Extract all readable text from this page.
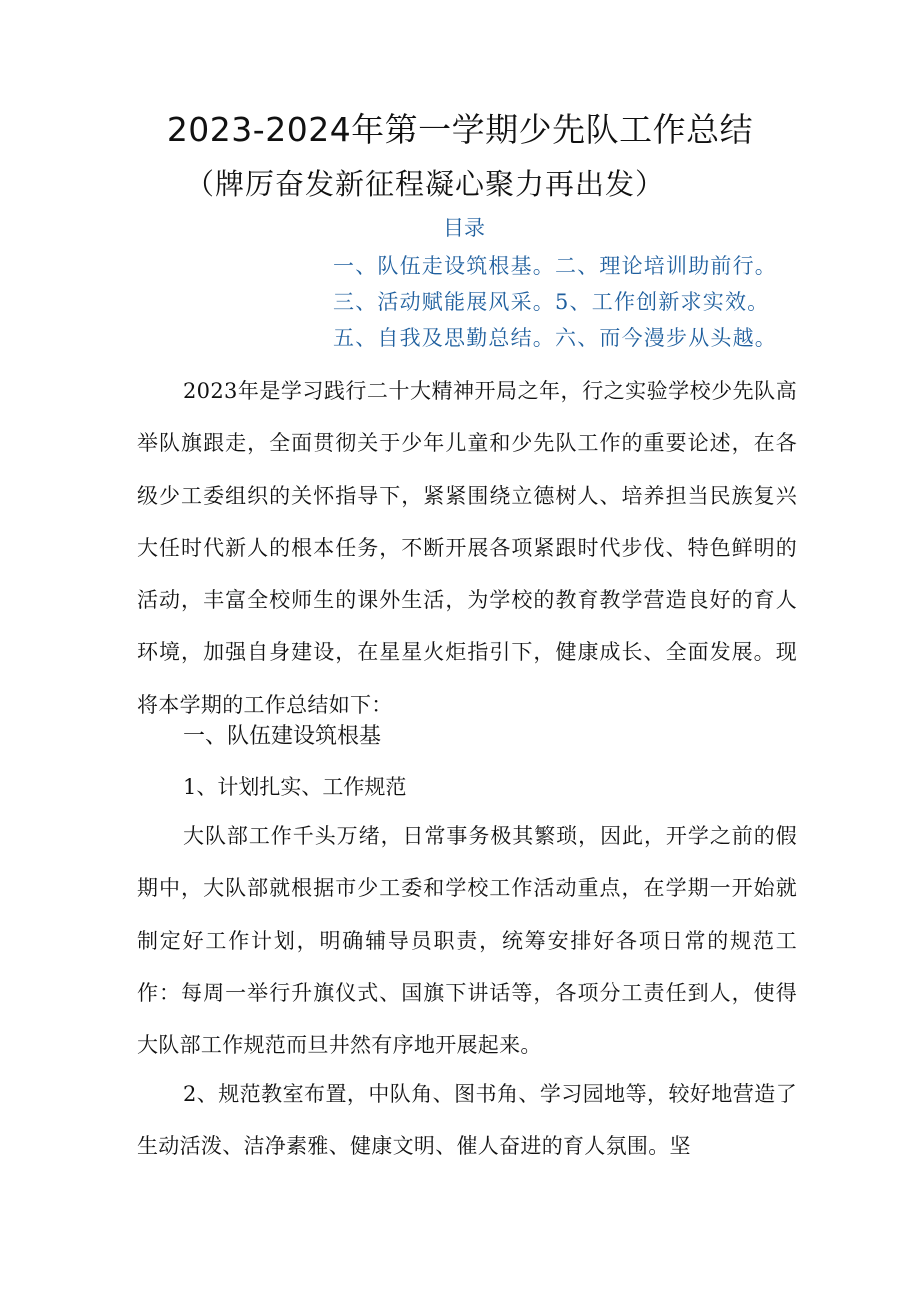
2023-2024年第一学期少先队工作总结
（牌厉奋发新征程凝心聚力再出发）
目录
一、队伍走设筑根基。二、理论培训助前行。
三、活动赋能展风采。5、工作创新求实效。
五、自我及思勤总结。六、而今漫步从头越。
2023年是学习践行二十大精神开局之年，行之实验学校少先队高举队旗跟走，全面贯彻关于少年儿童和少先队工作的重要论述，在各级少工委组织的关怀指导下，紧紧围绕立德树人、培养担当民族复兴大任时代新人的根本任务，不断开展各项紧跟时代步伐、特色鲜明的活动，丰富全校师生的课外生活，为学校的教育教学营造良好的育人环境，加强自身建设，在星星火炬指引下，健康成长、全面发展。现将本学期的工作总结如下：
一、队伍建设筑根基
1、计划扎实、工作规范
大队部工作千头万绪，日常事务极其繁琐，因此，开学之前的假期中，大队部就根据市少工委和学校工作活动重点，在学期一开始就制定好工作计划，明确辅导员职责，统筹安排好各项日常的规范工作：每周一举行升旗仪式、国旗下讲话等，各项分工责任到人，使得大队部工作规范而旦井然有序地开展起来。
2、规范教室布置，中队角、图书角、学习园地等，较好地营造了生动活泼、洁净素雅、健康文明、催人奋进的育人氛围。坚
